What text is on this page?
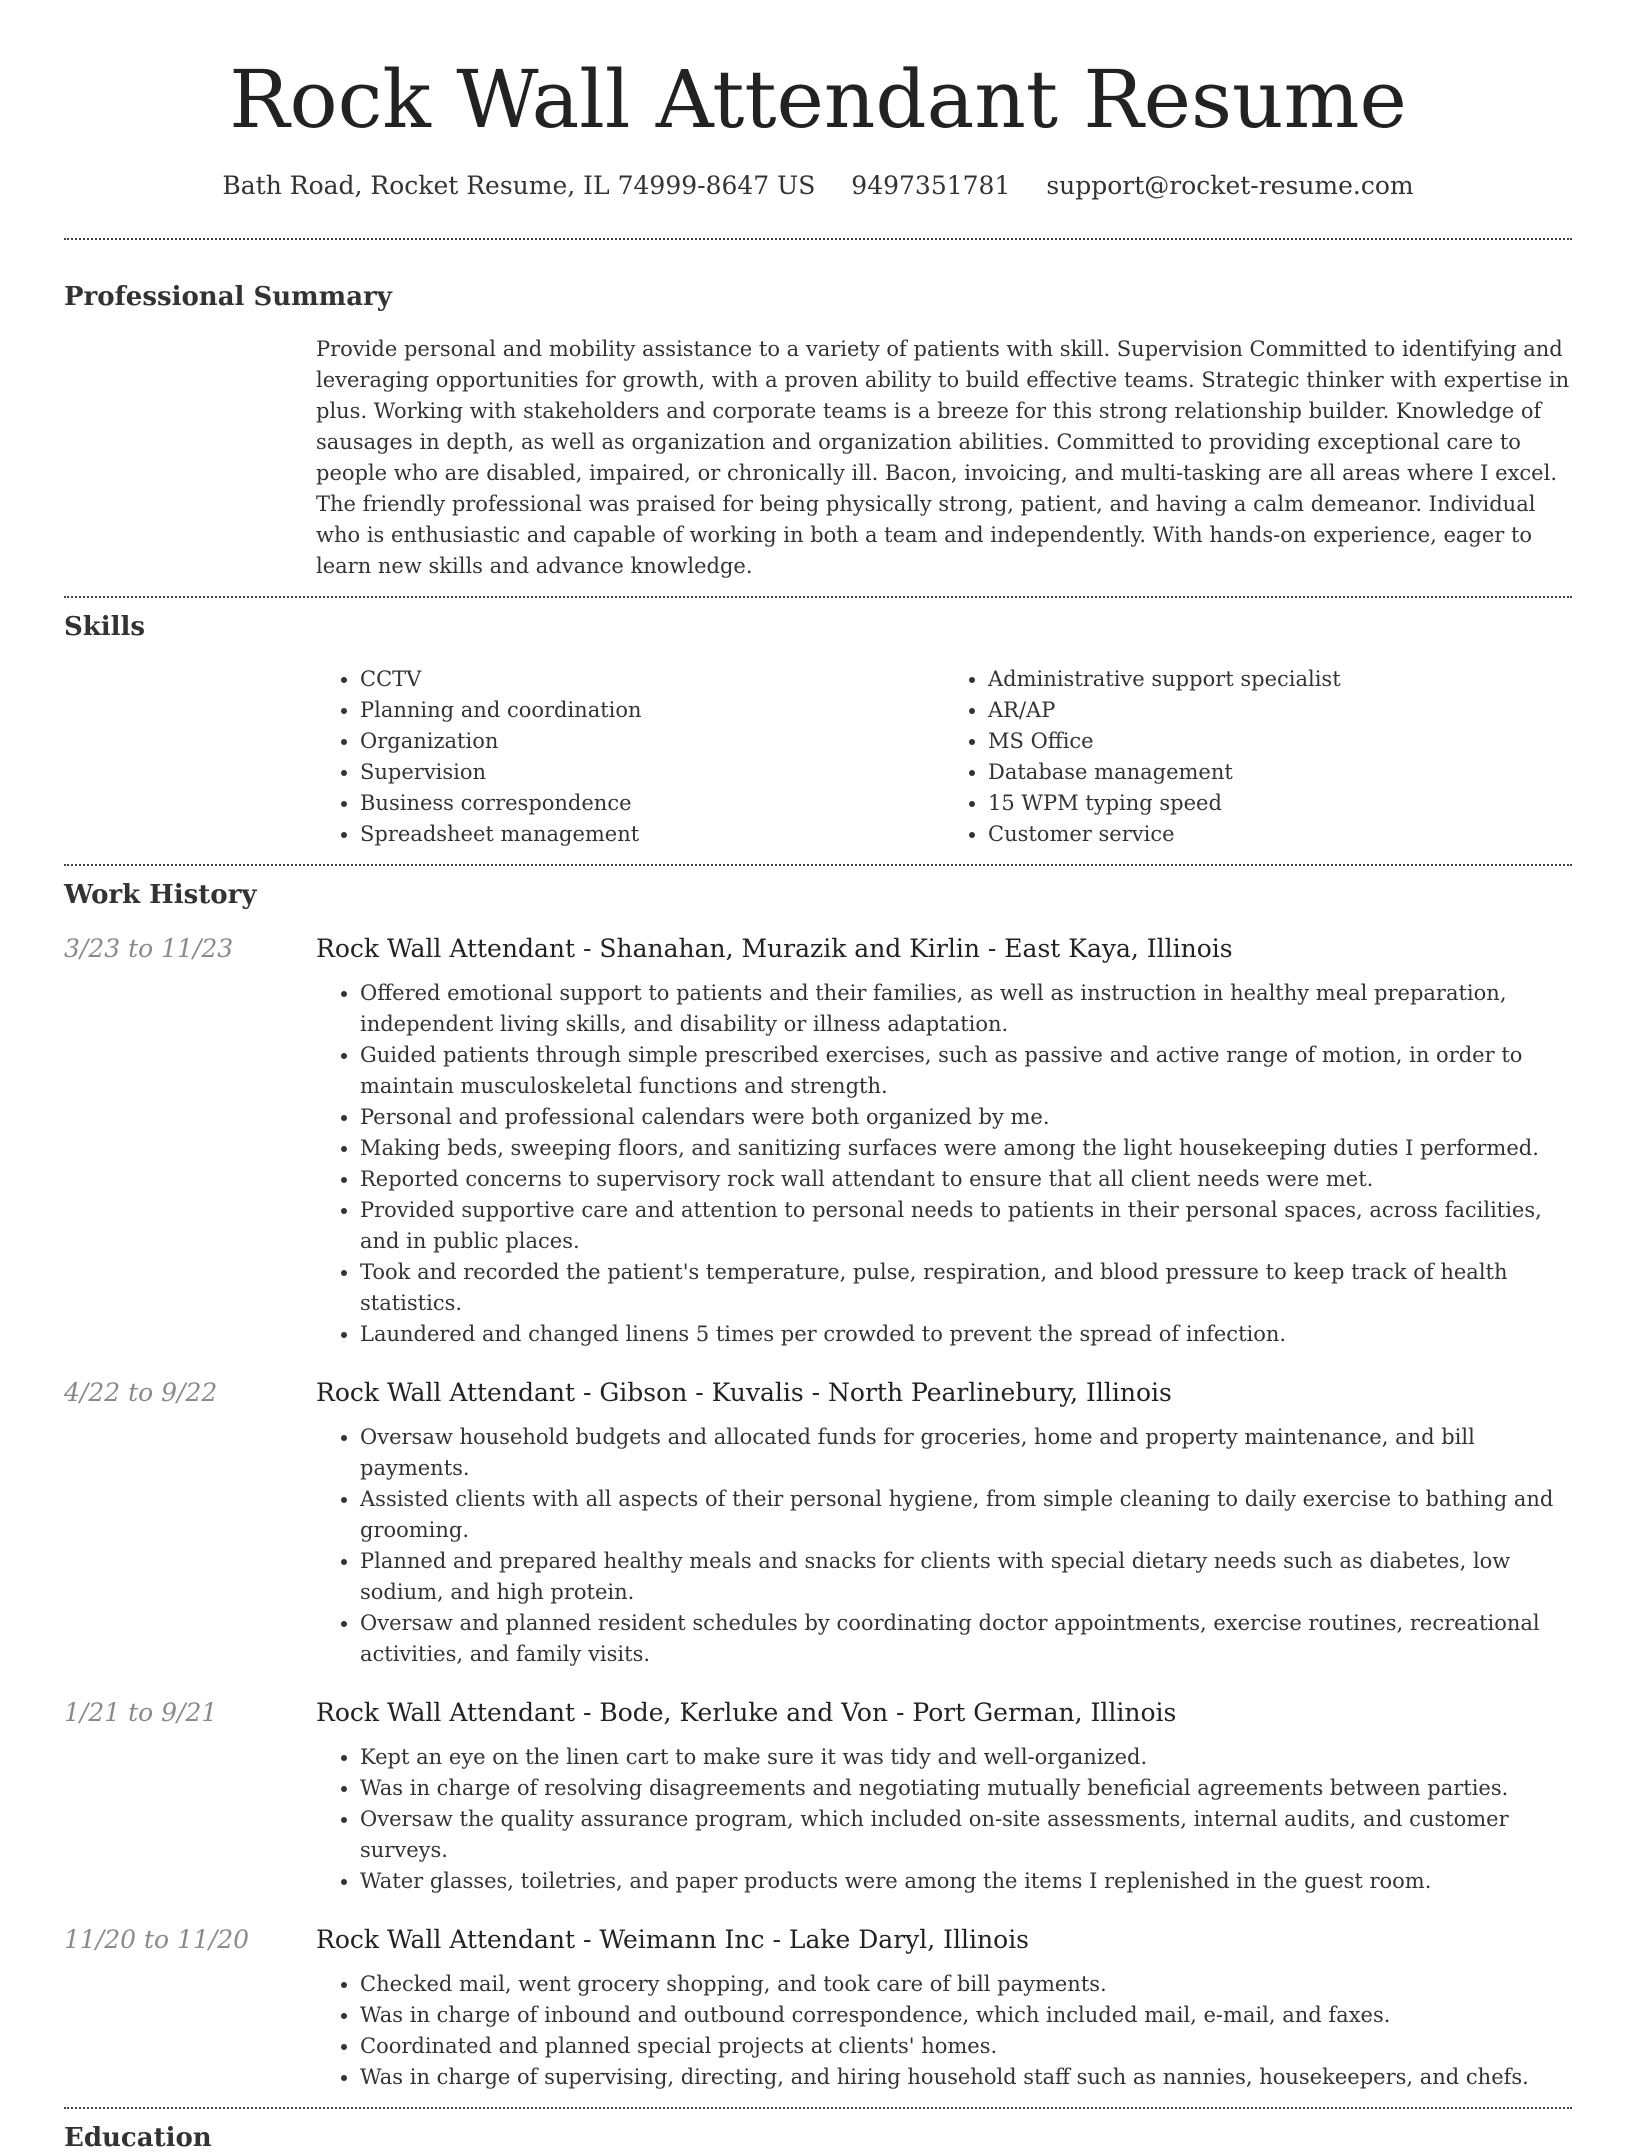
Rock Wall Attendant Resume
Bath Road, Rocket Resume, IL 74999-8647 US 9497351781 support@rocket-resume.com
Professional Summary

Provide personal and mobility assistance to a variety of patients with skill. Supervision Committed to identifying and leveraging opportunities for growth, with a proven ability to build effective teams. Strategic thinker with expertise in plus. Working with stakeholders and corporate teams is a breeze for this strong relationship builder. Knowledge of sausages in depth, as well as organization and organization abilities. Committed to providing exceptional care to people who are disabled, impaired, or chronically ill. Bacon, invoicing, and multi-tasking are all areas where I excel. The friendly professional was praised for being physically strong, patient, and having a calm demeanor. Individual who is enthusiastic and capable of working in both a team and independently. With hands-on experience, eager to learn new skills and advance knowledge.

Skills
• CCTV
• Planning and coordination
• Organization
• Supervision
• Business correspondence
• Spreadsheet management
• Administrative support specialist
• AR/AP
• MS Office
• Database management
• 15 WPM typing speed
• Customer service
Work History
3/23 to 11/23	Rock Wall Attendant - Shanahan, Murazik and Kirlin - East Kaya, Illinois
• Offered emotional support to patients and their families, as well as instruction in healthy meal preparation, independent living skills, and disability or illness adaptation.
• Guided patients through simple prescribed exercises, such as passive and active range of motion, in order to maintain musculoskeletal functions and strength.
• Personal and professional calendars were both organized by me.
• Making beds, sweeping floors, and sanitizing surfaces were among the light housekeeping duties I performed.
• Reported concerns to supervisory rock wall attendant to ensure that all client needs were met.
• Provided supportive care and attention to personal needs to patients in their personal spaces, across facilities, and in public places.
• Took and recorded the patient's temperature, pulse, respiration, and blood pressure to keep track of health statistics.
• Laundered and changed linens 5 times per crowded to prevent the spread of infection.
4/22 to 9/22	Rock Wall Attendant - Gibson - Kuvalis - North Pearlinebury, Illinois
• Oversaw household budgets and allocated funds for groceries, home and property maintenance, and bill payments.
• Assisted clients with all aspects of their personal hygiene, from simple cleaning to daily exercise to bathing and grooming.
• Planned and prepared healthy meals and snacks for clients with special dietary needs such as diabetes, low sodium, and high protein.
• Oversaw and planned resident schedules by coordinating doctor appointments, exercise routines, recreational activities, and family visits.
1/21 to 9/21	Rock Wall Attendant - Bode, Kerluke and Von - Port German, Illinois
• Kept an eye on the linen cart to make sure it was tidy and well-organized.
• Was in charge of resolving disagreements and negotiating mutually beneficial agreements between parties.
• Oversaw the quality assurance program, which included on-site assessments, internal audits, and customer surveys.
• Water glasses, toiletries, and paper products were among the items I replenished in the guest room.
11/20 to 11/20	Rock Wall Attendant - Weimann Inc - Lake Daryl, Illinois
• Checked mail, went grocery shopping, and took care of bill payments.
• Was in charge of inbound and outbound correspondence, which included mail, e-mail, and faxes.
• Coordinated and planned special projects at clients' homes.
• Was in charge of supervising, directing, and hiring household staff such as nannies, housekeepers, and chefs.
Education
